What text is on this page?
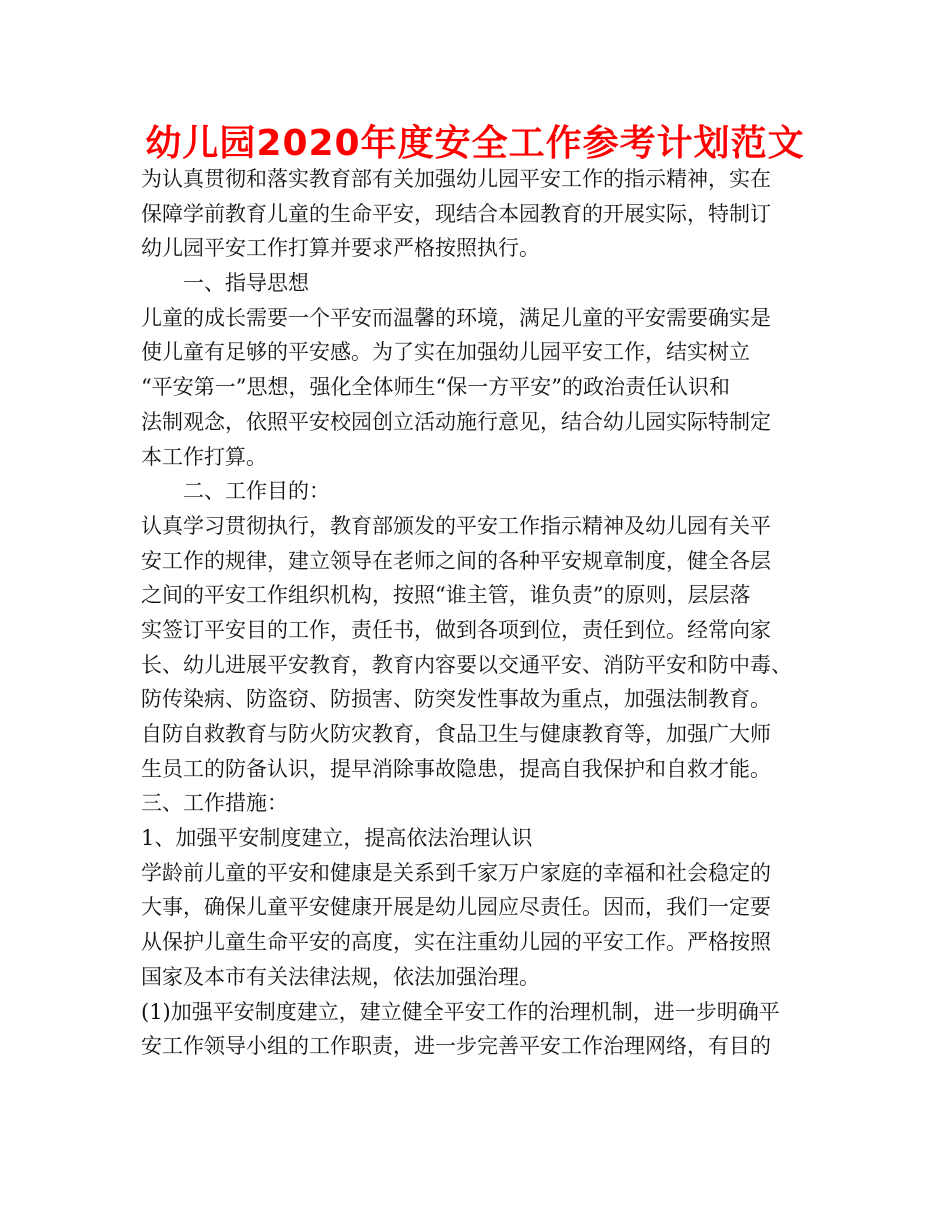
幼儿园2020年度安全工作参考计划范文
为认真贯彻和落实教育部有关加强幼儿园平安工作的指示精神，实在
保障学前教育儿童的生命平安，现结合本园教育的开展实际，特制订
幼儿园平安工作打算并要求严格按照执行。
一、指导思想
儿童的成长需要一个平安而温馨的环境，满足儿童的平安需要确实是
使儿童有足够的平安感。为了实在加强幼儿园平安工作，结实树立
“平安第一”思想，强化全体师生“保一方平安”的政治责任认识和
法制观念，依照平安校园创立活动施行意见，结合幼儿园实际特制定
本工作打算。
二、工作目的：
认真学习贯彻执行，教育部颁发的平安工作指示精神及幼儿园有关平
安工作的规律，建立领导在老师之间的各种平安规章制度，健全各层
之间的平安工作组织机构，按照“谁主管，谁负责”的原则，层层落
实签订平安目的工作，责任书，做到各项到位，责任到位。经常向家
长、幼儿进展平安教育，教育内容要以交通平安、消防平安和防中毒、
防传染病、防盗窃、防损害、防突发性事故为重点，加强法制教育。
自防自救教育与防火防灾教育，食品卫生与健康教育等，加强广大师
生员工的防备认识，提早消除事故隐患，提高自我保护和自救才能。
三、工作措施：
1、加强平安制度建立，提高依法治理认识
学龄前儿童的平安和健康是关系到千家万户家庭的幸福和社会稳定的
大事，确保儿童平安健康开展是幼儿园应尽责任。因而，我们一定要
从保护儿童生命平安的高度，实在注重幼儿园的平安工作。严格按照
国家及本市有关法律法规，依法加强治理。
(1)加强平安制度建立，建立健全平安工作的治理机制，进一步明确平
安工作领导小组的工作职责，进一步完善平安工作治理网络，有目的
